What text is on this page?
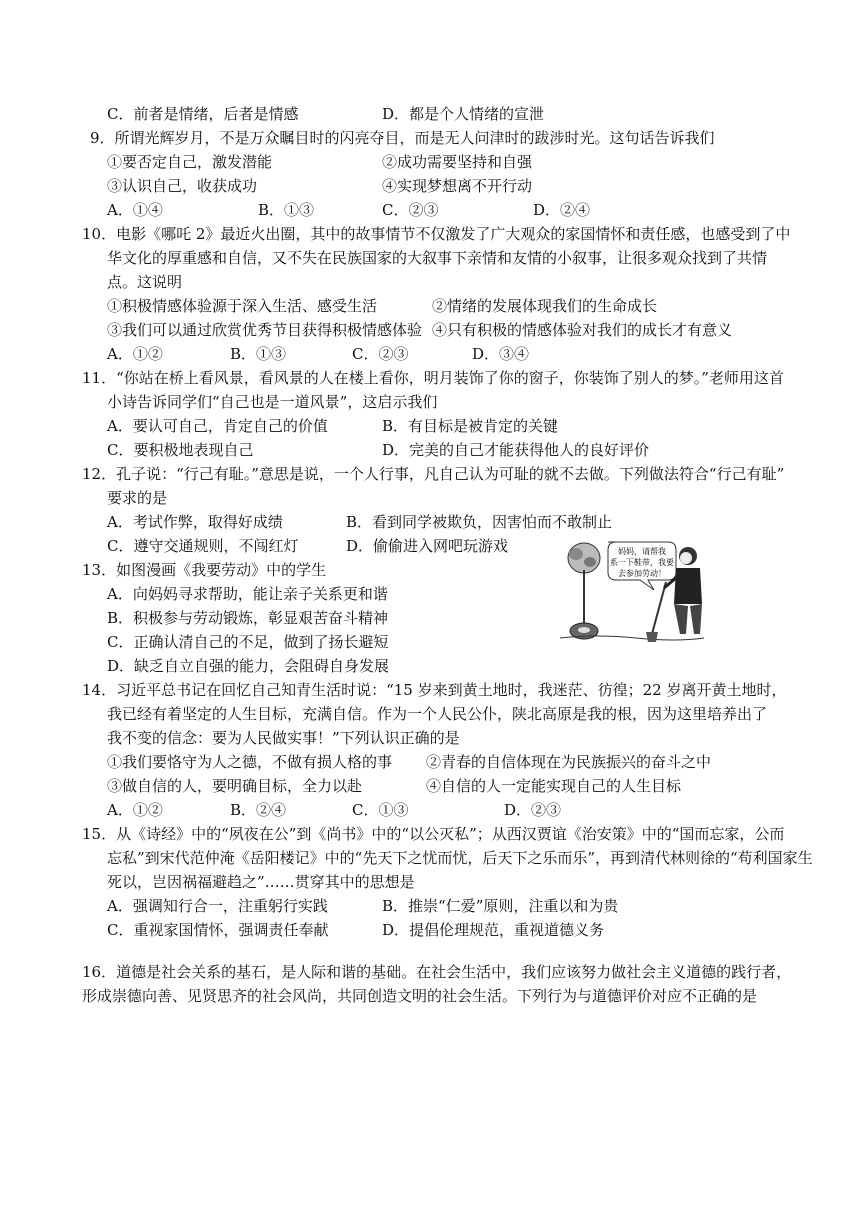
C．前者是情绪，后者是情感	D．都是个人情绪的宣泄
9．所谓光辉岁月，不是万众瞩目时的闪亮夺目，而是无人问津时的跋涉时光。这句话告诉我们
①要否定自己，激发潜能	②成功需要坚持和自强
③认识自己，收获成功	④实现梦想离不开行动
A．①④	B．①③	C．②③	D．②④
10．电影《哪吒 2》最近火出圈，其中的故事情节不仅激发了广大观众的家国情怀和责任感，也感受到了中
华文化的厚重感和自信，又不失在民族国家的大叙事下亲情和友情的小叙事，让很多观众找到了共情
点。这说明
①积极情感体验源于深入生活、感受生活	②情绪的发展体现我们的生命成长
③我们可以通过欣赏优秀节目获得积极情感体验 ④只有积极的情感体验对我们的成长才有意义
A．①②	B．①③	C．②③	D．③④
11．“你站在桥上看风景，看风景的人在楼上看你，明月装饰了你的窗子，你装饰了别人的梦。”老师用这首
小诗告诉同学们“自己也是一道风景”，这启示我们
A．要认可自己，肯定自己的价值	B．有目标是被肯定的关键
C．要积极地表现自己	D．完美的自己才能获得他人的良好评价
12．孔子说：“行己有耻。”意思是说，一个人行事，凡自己认为可耻的就不去做。下列做法符合“行己有耻”
要求的是
A．考试作弊，取得好成绩	B．看到同学被欺负，因害怕而不敢制止
C．遵守交通规则，不闯红灯	D．偷偷进入网吧玩游戏
13．如图漫画《我要劳动》中的学生
A．向妈妈寻求帮助，能让亲子关系更和谐
B．积极参与劳动锻炼，彰显艰苦奋斗精神
C．正确认清自己的不足，做到了扬长避短
D．缺乏自立自强的能力，会阻碍自身发展
妈妈，请帮我
系一下鞋带，我要
去参加劳动！
14．习近平总书记在回忆自己知青生活时说：“15 岁来到黄土地时，我迷茫、彷徨；22 岁离开黄土地时，
我已经有着坚定的人生目标，充满自信。作为一个人民公仆，陕北高原是我的根，因为这里培养出了
我不变的信念：要为人民做实事！”下列认识正确的是
①我们要恪守为人之德，不做有损人格的事 ②青春的自信体现在为民族振兴的奋斗之中
③做自信的人，要明确目标，全力以赴	④自信的人一定能实现自己的人生目标
A．①②	B．②④	C．①③	D．②③
15．从《诗经》中的“夙夜在公”到《尚书》中的“以公灭私”；从西汉贾谊《治安策》中的“国而忘家，公而
忘私”到宋代范仲淹《岳阳楼记》中的“先天下之忧而忧，后天下之乐而乐”，再到清代林则徐的“苟利国家生
死以，岂因祸福避趋之”……贯穿其中的思想是
A．强调知行合一，注重躬行实践	B．推崇“仁爱”原则，注重以和为贵
C．重视家国情怀，强调责任奉献	D．提倡伦理规范，重视道德义务
16．道德是社会关系的基石，是人际和谐的基础。在社会生活中，我们应该努力做社会主义道德的践行者，
形成崇德向善、见贤思齐的社会风尚，共同创造文明的社会生活。下列行为与道德评价对应不正确的是
